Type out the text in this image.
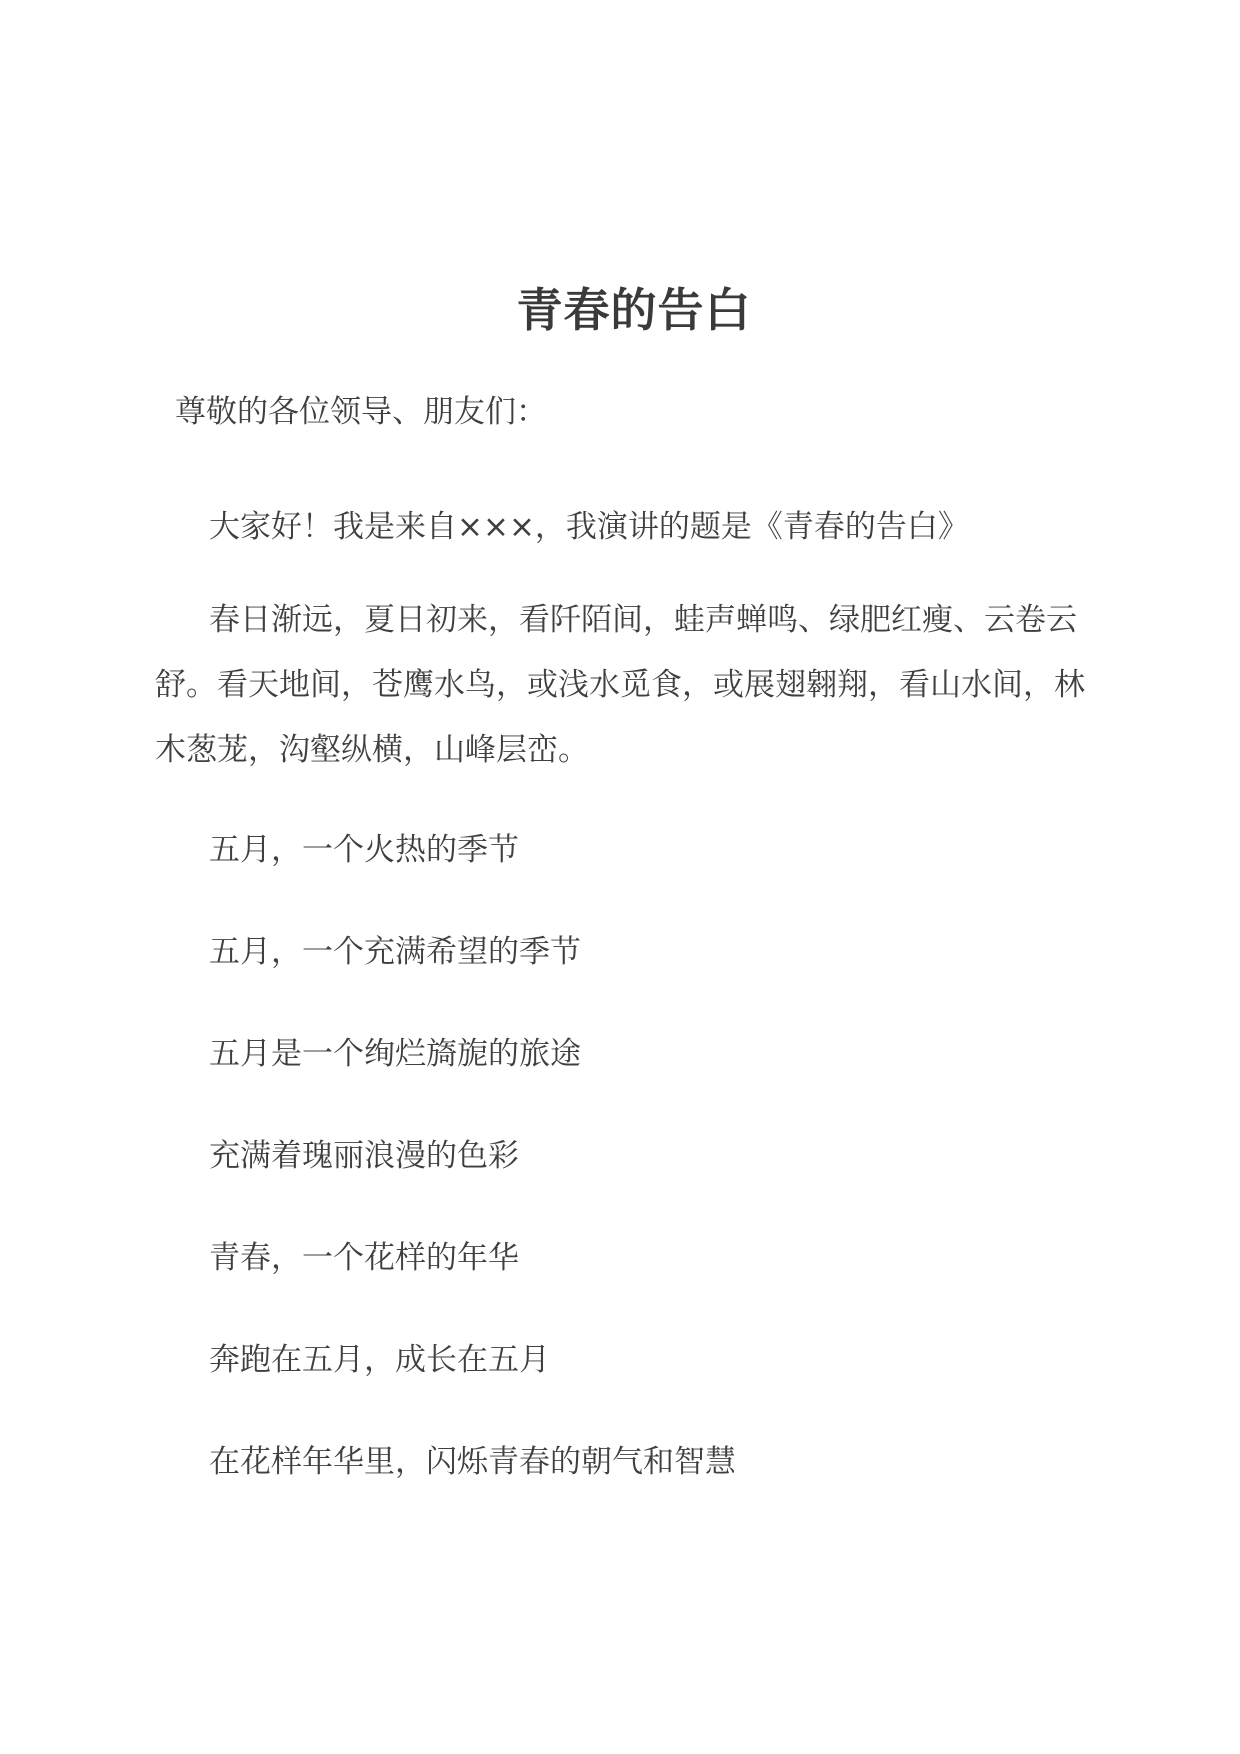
青春的告白

尊敬的各位领导、朋友们：

大家好！我是来自×××，我演讲的题是《青春的告白》

春日渐远，夏日初来，看阡陌间，蛙声蝉鸣、绿肥红瘦、云卷云舒。看天地间，苍鹰水鸟，或浅水觅食，或展翅翱翔，看山水间，林木葱茏，沟壑纵横，山峰层峦。

五月，一个火热的季节

五月，一个充满希望的季节

五月是一个绚烂旖旎的旅途

充满着瑰丽浪漫的色彩

青春，一个花样的年华

奔跑在五月，成长在五月

在花样年华里，闪烁青春的朝气和智慧
